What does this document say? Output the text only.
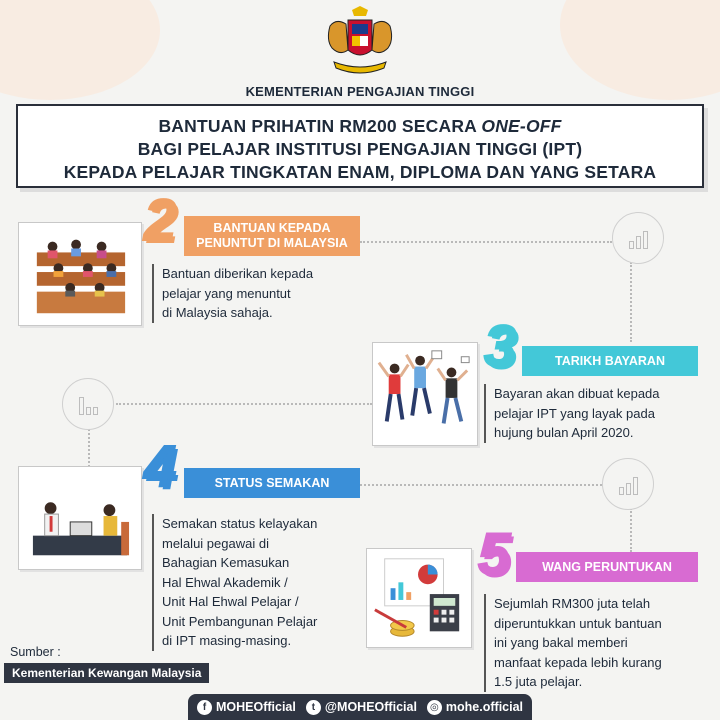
KEMENTERIAN PENGAJIAN TINGGI
BANTUAN PRIHATIN RM200 SECARA ONE-OFF
BAGI PELAJAR INSTITUSI PENGAJIAN TINGGI (IPT)
KEPADA PELAJAR TINGKATAN ENAM, DIPLOMA DAN YANG SETARA
2	BANTUAN KEPADA
PENUNTUT DI MALAYSIA
Bantuan diberikan kepada
pelajar yang menuntut
di Malaysia sahaja.
3	TARIKH BAYARAN
Bayaran akan dibuat kepada
pelajar IPT yang layak pada
hujung bulan April 2020.
4	STATUS SEMAKAN
Semakan status kelayakan
melalui pegawai di
Bahagian Kemasukan
Hal Ehwal Akademik /
Unit Hal Ehwal Pelajar /
Unit Pembangunan Pelajar
di IPT masing-masing.
5	WANG PERUNTUKAN
Sejumlah RM300 juta telah
diperuntukkan untuk bantuan
ini yang bakal memberi
manfaat kepada lebih kurang
1.5 juta pelajar.
Sumber :
Kementerian Kewangan Malaysia
f MOHEOfficial	t @MOHEOfficial	◎ mohe.official
